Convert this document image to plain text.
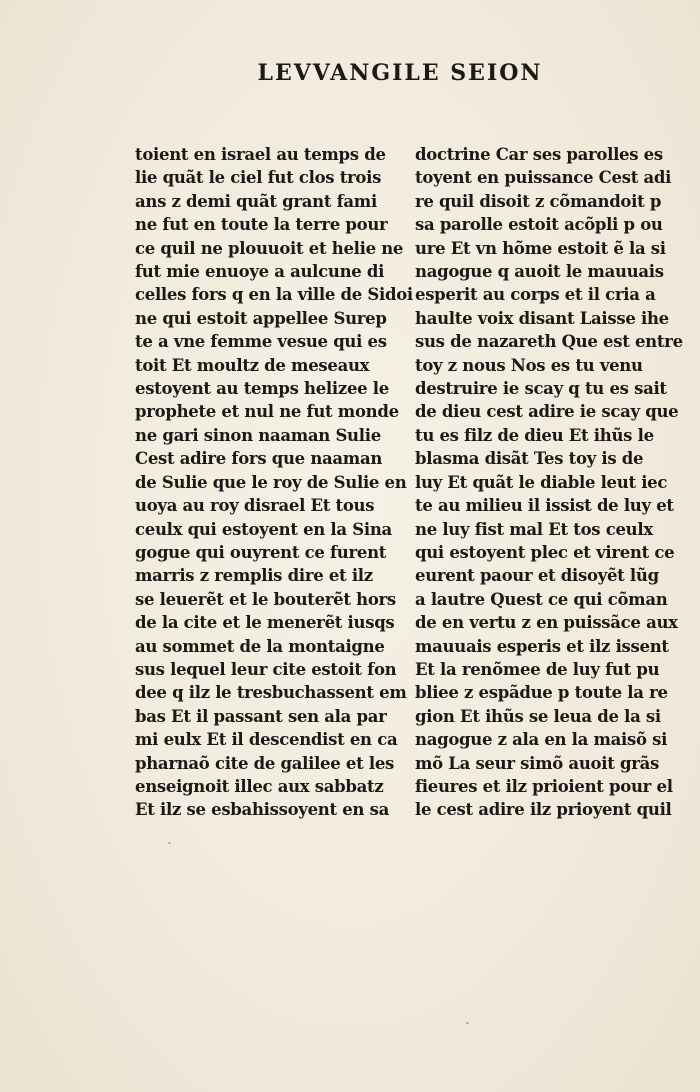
LEVVANGILE SEION
toient en israel au temps de
lie quãt le ciel fut clos trois
ans z demi quãt grant fami
ne fut en toute la terre pour
ce quil ne plouuoit et helie ne
fut mie enuoye a aulcune di
celles fors q en la ville de Sidoi
ne qui estoit appellee Surep
te a vne femme vesue qui es
toit Et moultz de meseaux
estoyent au temps helizee le
prophete et nul ne fut monde
ne gari sinon naaman Sulie
Cest adire fors que naaman
de Sulie que le roy de Sulie en
uoya au roy disrael Et tous
ceulx qui estoyent en la Sina
gogue qui ouyrent ce furent
marris z remplis dire et ilz
se leuerẽt et le bouterẽt hors
de la cite et le menerẽt iusqs
au sommet de la montaigne
sus lequel leur cite estoit fon
dee q ilz le tresbuchassent em
bas Et il passant sen ala par
mi eulx Et il descendist en ca
pharnaõ cite de galilee et les
enseignoit illec aux sabbatz
Et ilz se esbahissoyent en sa
doctrine Car ses parolles es
toyent en puissance Cest adi
re quil disoit z cõmandoit p
sa parolle estoit acõpli p ou
ure Et vn hõme estoit ẽ la si
nagogue q auoit le mauuais
esperit au corps et il cria a
haulte voix disant Laisse ihe
sus de nazareth Que est entre
toy z nous Nos es tu venu
destruire ie scay q tu es sait
de dieu cest adire ie scay que
tu es filz de dieu Et ihũs le
blasma disãt Tes toy is de
luy Et quãt le diable leut iec
te au milieu il issist de luy et
ne luy fist mal Et tos ceulx
qui estoyent plec et virent ce
eurent paour et disoyẽt lũg
a lautre Quest ce qui cõman
de en vertu z en puissãce aux
mauuais esperis et ilz issent
Et la renõmee de luy fut pu
bliee z espãdue p toute la re
gion Et ihũs se leua de la si
nagogue z ala en la maisõ si
mõ La seur simõ auoit grãs
fieures et ilz prioient pour el
le cest adire ilz prioyent quil
